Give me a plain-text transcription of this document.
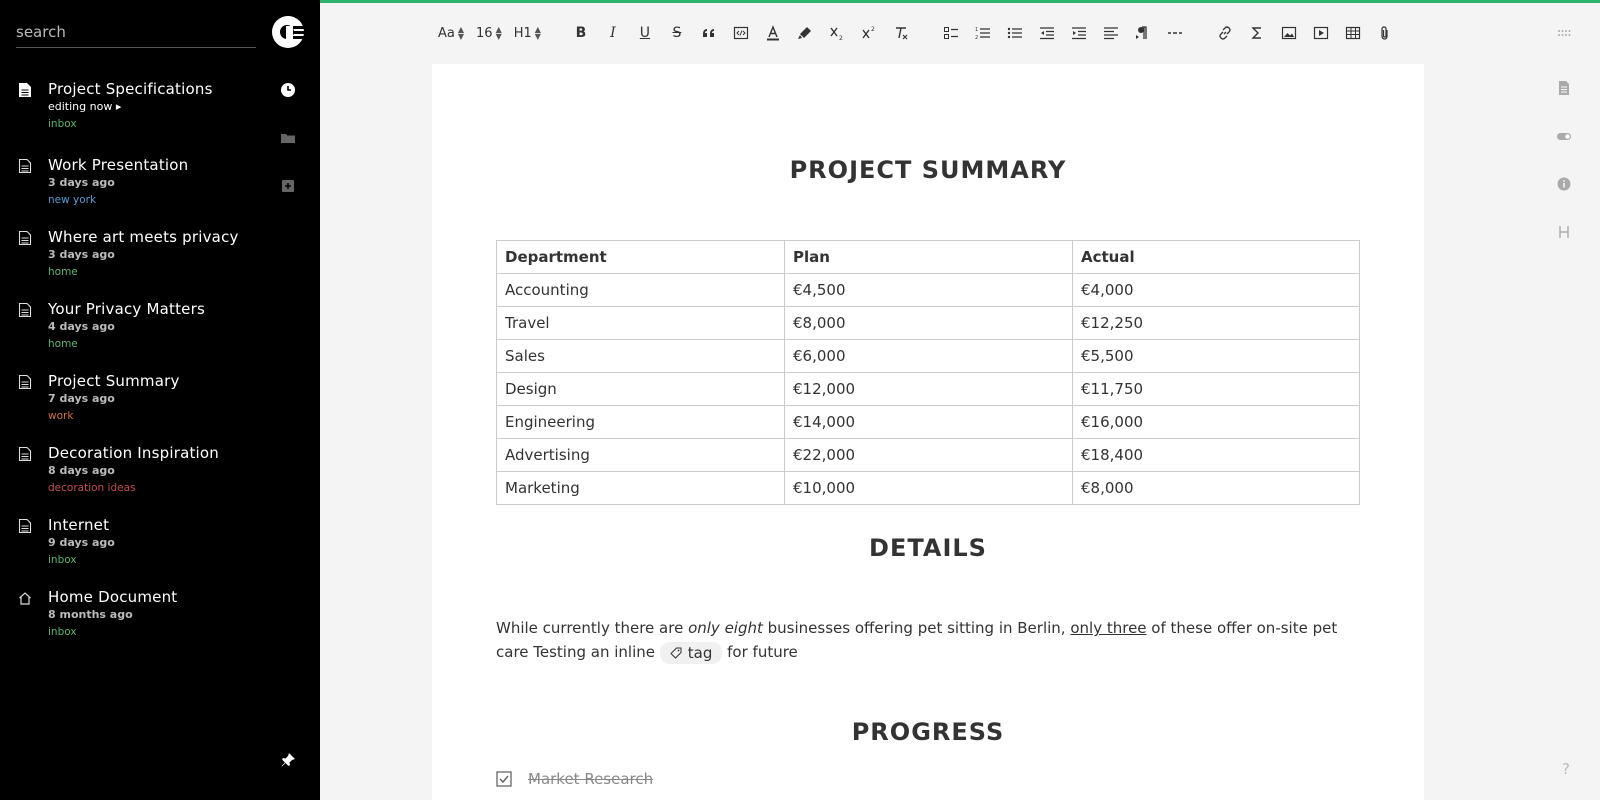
search
Project Specifications
editing now ▸
inbox
Work Presentation
3 days ago
new york
Where art meets privacy
3 days ago
home
Your Privacy Matters
4 days ago
home
Project Summary
7 days ago
work
Decoration Inspiration
8 days ago
decoration ideas
Internet
9 days ago
inbox
Home Document
8 months ago
inbox
Aa ▲
▼ 16 ▲
▼ H1 ▲
▼ B I U S	2
2	1
2
PROJECT SUMMARY
Department	Plan	Actual
Accounting	€4,500	€4,000
Travel	€8,000	€12,250
Sales	€6,000	€5,500
Design	€12,000	€11,750
Engineering	€14,000	€16,000
Advertising	€22,000	€18,400
Marketing	€10,000	€8,000
DETAILS
While currently there are only eight businesses offering pet sitting in Berlin, only three of these offer on-site pet care Testing an inline tag for future
PROGRESS
Market Research
?
